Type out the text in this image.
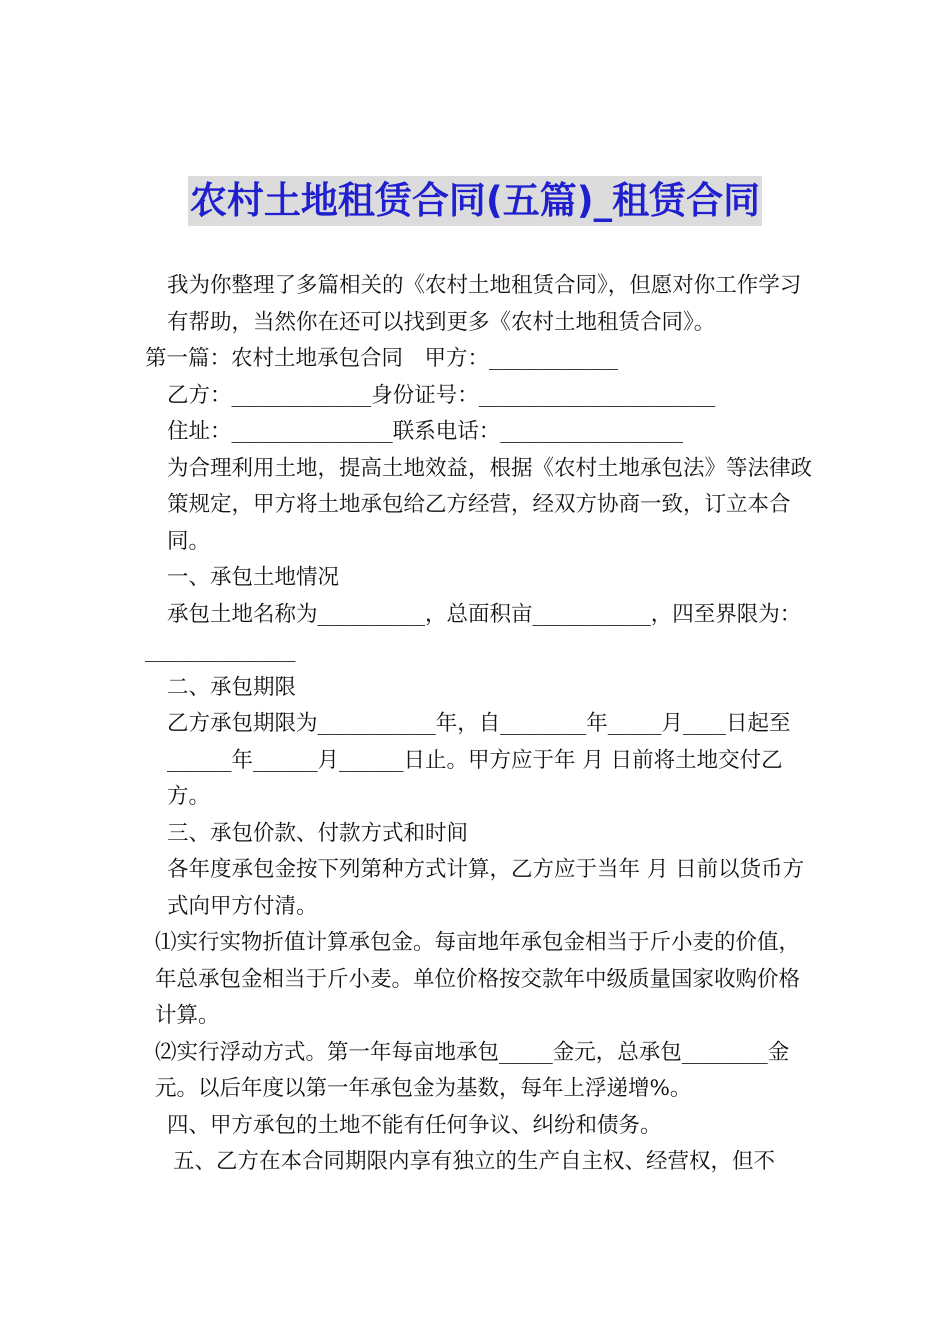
农村土地租赁合同(五篇)_租赁合同

我为你整理了多篇相关的《农村土地租赁合同》，但愿对你工作学习有帮助，当然你在还可以找到更多《农村土地租赁合同》。

第一篇：农村土地承包合同　甲方：____________

乙方：_____________身份证号：______________________

住址：_______________联系电话：_________________

为合理利用土地，提高土地效益，根据《农村土地承包法》等法律政策规定，甲方将土地承包给乙方经营，经双方协商一致，订立本合同。

一、承包土地情况

承包土地名称为__________，总面积亩___________，四至界限为：

______________

二、承包期限

乙方承包期限为___________年，自________年_____月____日起至______年______月______日止。甲方应于年 月 日前将土地交付乙方。

三、承包价款、付款方式和时间

各年度承包金按下列第种方式计算，乙方应于当年 月 日前以货币方式向甲方付清。

⑴实行实物折值计算承包金。每亩地年承包金相当于斤小麦的价值，年总承包金相当于斤小麦。单位价格按交款年中级质量国家收购价格计算。

⑵实行浮动方式。第一年每亩地承包_____金元，总承包________金元。以后年度以第一年承包金为基数，每年上浮递增%。

四、甲方承包的土地不能有任何争议、纠纷和债务。

五、乙方在本合同期限内享有独立的生产自主权、经营权，但不
